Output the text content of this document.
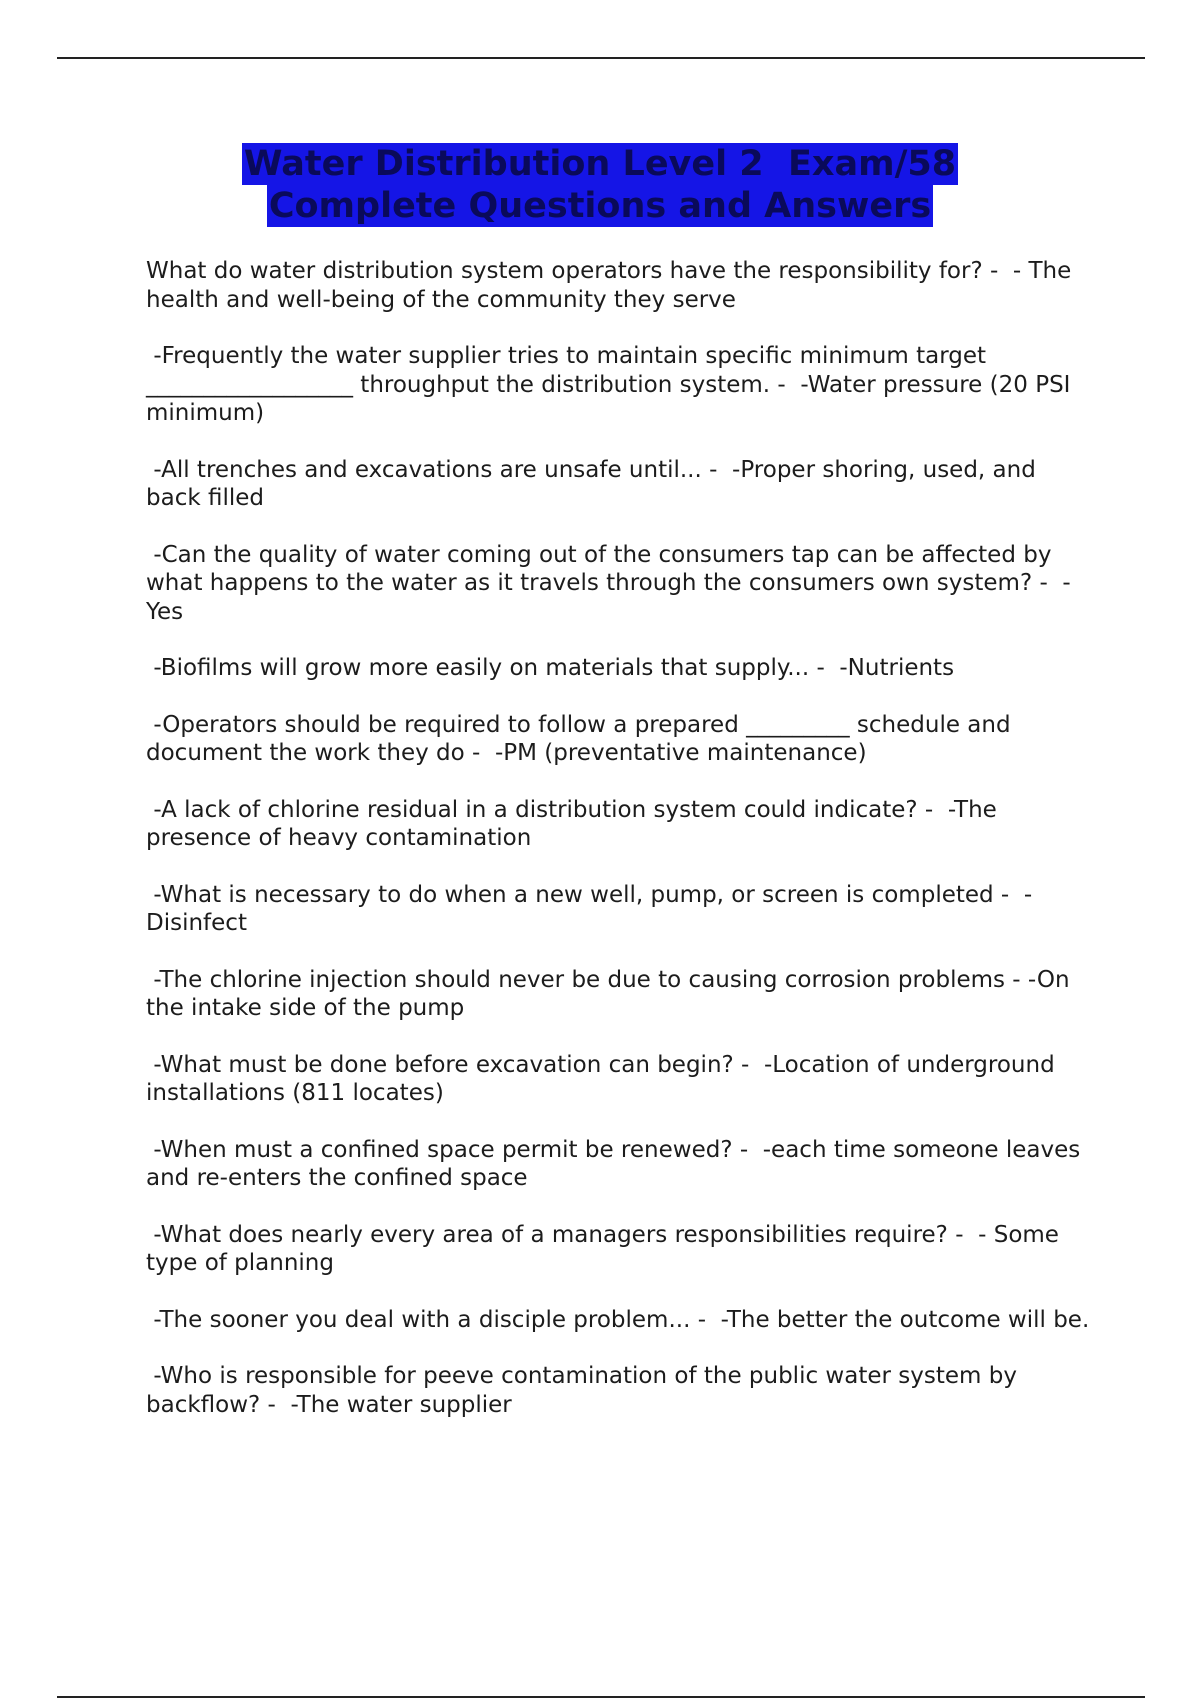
Water Distribution Level 2  Exam/58
Complete Questions and Answers

What do water distribution system operators have the responsibility for? -  - The health and well-being of the community they serve

-Frequently the water supplier tries to maintain specific minimum target __________________ throughput the distribution system. -  -Water pressure (20 PSI minimum)

-All trenches and excavations are unsafe until... -  -Proper shoring, used, and back filled

-Can the quality of water coming out of the consumers tap can be affected by what happens to the water as it travels through the consumers own system? -  -Yes

-Biofilms will grow more easily on materials that supply... -  -Nutrients

-Operators should be required to follow a prepared _________ schedule and document the work they do -  -PM (preventative maintenance)

-A lack of chlorine residual in a distribution system could indicate? -  -The presence of heavy contamination

-What is necessary to do when a new well, pump, or screen is completed -  - Disinfect

-The chlorine injection should never be due to causing corrosion problems - -On the intake side of the pump

-What must be done before excavation can begin? -  -Location of underground installations (811 locates)

-When must a confined space permit be renewed? -  -each time someone leaves and re-enters the confined space

-What does nearly every area of a managers responsibilities require? -  - Some type of planning

-The sooner you deal with a disciple problem... -  -The better the outcome will be.

-Who is responsible for peeve contamination of the public water system by backflow? -  -The water supplier
